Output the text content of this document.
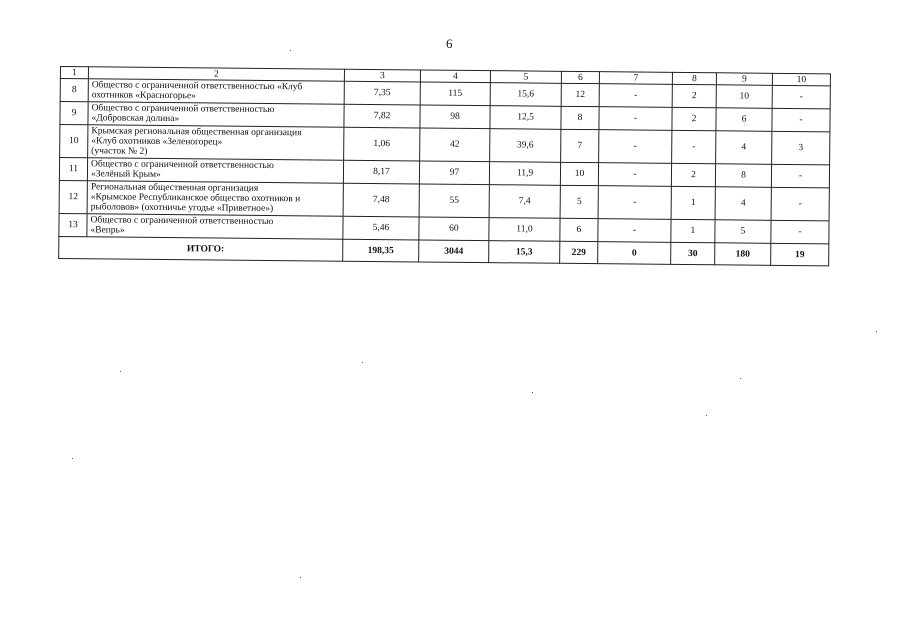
6
1	2	3	4	5	6	7	8	9	10
8	Общество с ограниченной ответственностью «Клуб
охотников «Красногорье»	7,35	115	15,6	12	-	2	10	-
9	Общество с ограниченной ответственностью
«Добровская долина»	7,82	98	12,5	8	-	2	6	-
10	Крымская региональная общественная организация
«Клуб охотников «Зеленогорец»
(участок № 2)	1,06	42	39,6	7	-	-	4	3
11	Общество с ограниченной ответственностью
«Зелёный Крым»	8,17	97	11,9	10	-	2	8	-
12	Региональная общественная организация
«Крымское Республиканское общество охотников и
рыболовов» (охотничье угодье «Приветное»)	7,48	55	7,4	5	-	1	4	-
13	Общество с ограниченной ответственностью
«Вепрь»	5,46	60	11,0	6	-	1	5	-
ИТОГО:		198,35	3044	15,3	229	0	30	180	19
